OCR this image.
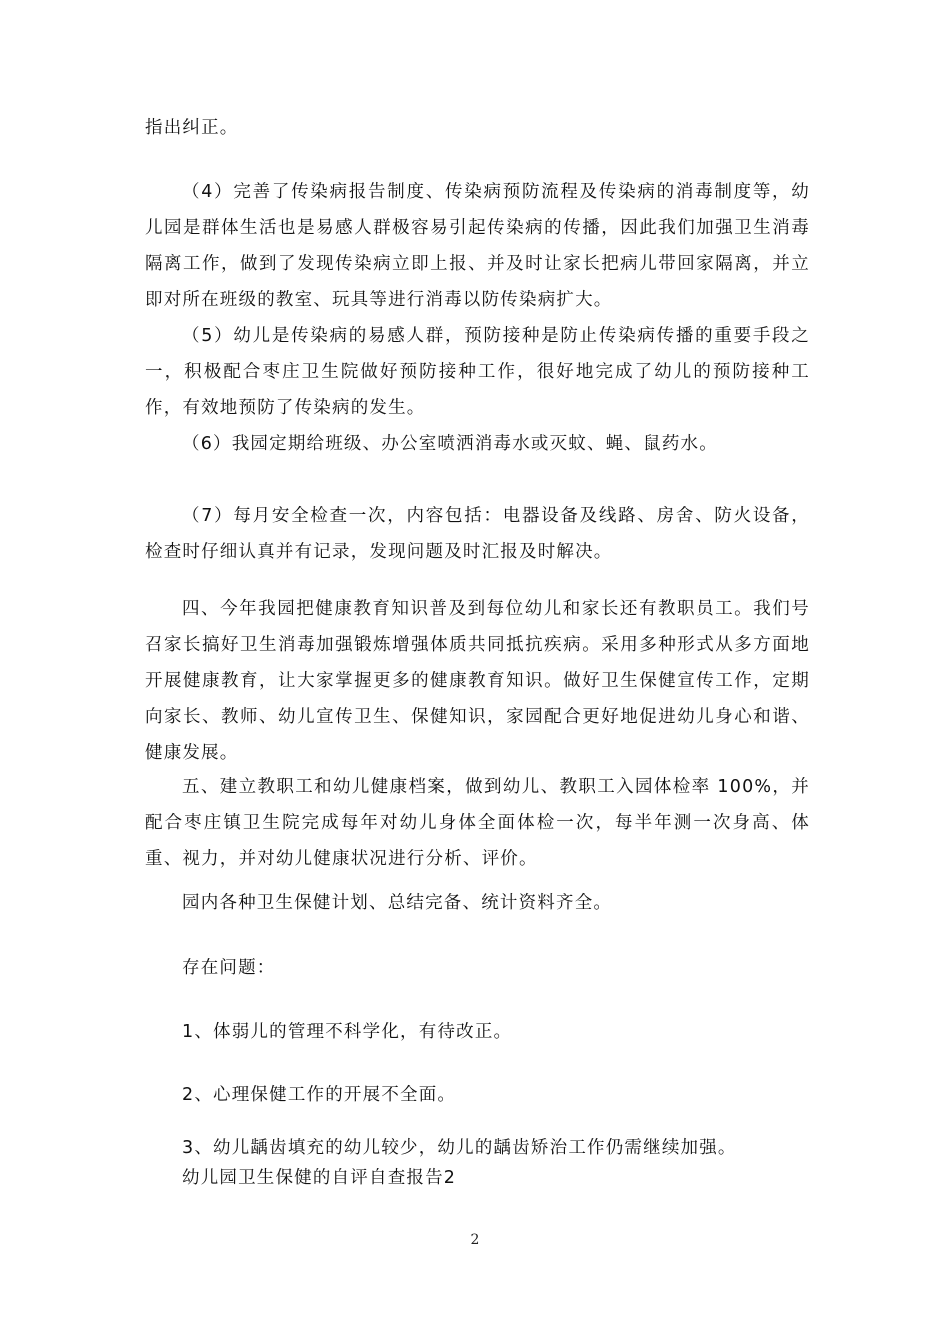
指出纠正。

（4）完善了传染病报告制度、传染病预防流程及传染病的消毒制度等，幼儿园是群体生活也是易感人群极容易引起传染病的传播，因此我们加强卫生消毒隔离工作，做到了发现传染病立即上报、并及时让家长把病儿带回家隔离，并立即对所在班级的教室、玩具等进行消毒以防传染病扩大。

（5）幼儿是传染病的易感人群，预防接种是防止传染病传播的重要手段之一，积极配合枣庄卫生院做好预防接种工作，很好地完成了幼儿的预防接种工作，有效地预防了传染病的发生。

（6）我园定期给班级、办公室喷洒消毒水或灭蚊、蝇、鼠药水。

（7）每月安全检查一次，内容包括：电器设备及线路、房舍、防火设备，检查时仔细认真并有记录，发现问题及时汇报及时解决。

四、今年我园把健康教育知识普及到每位幼儿和家长还有教职员工。我们号召家长搞好卫生消毒加强锻炼增强体质共同抵抗疾病。采用多种形式从多方面地开展健康教育，让大家掌握更多的健康教育知识。做好卫生保健宣传工作，定期向家长、教师、幼儿宣传卫生、保健知识，家园配合更好地促进幼儿身心和谐、健康发展。

五、建立教职工和幼儿健康档案，做到幼儿、教职工入园体检率 100%，并配合枣庄镇卫生院完成每年对幼儿身体全面体检一次，每半年测一次身高、体重、视力，并对幼儿健康状况进行分析、评价。

园内各种卫生保健计划、总结完备、统计资料齐全。

存在问题：

1、体弱儿的管理不科学化，有待改正。

2、心理保健工作的开展不全面。

3、幼儿龋齿填充的幼儿较少，幼儿的龋齿矫治工作仍需继续加强。

幼儿园卫生保健的自评自查报告2

2
